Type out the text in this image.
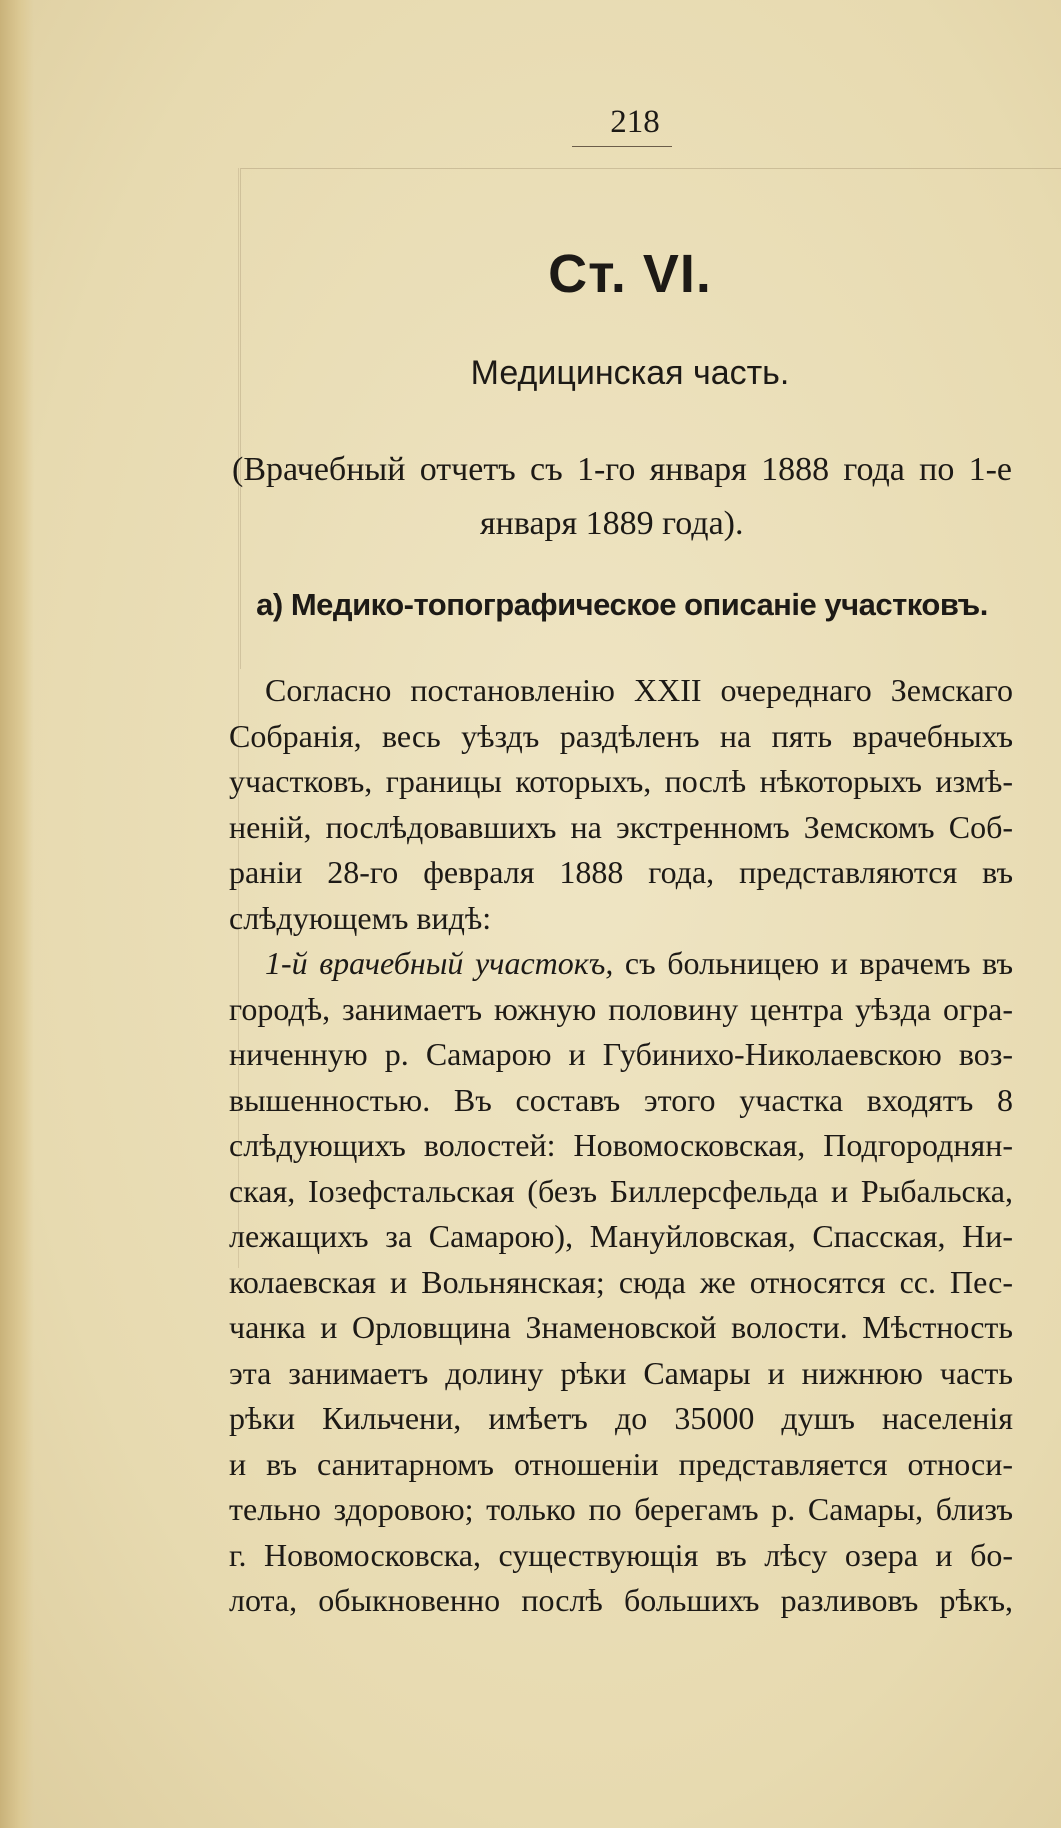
218
Ст. VI.
Медицинская часть.
(Врачебный отчетъ съ 1-го января 1888 года по 1-е
января 1889 года).
а) Медико-топографическое описаніе участковъ.
Согласно постановленію XXII очереднаго Земскаго
Собранія, весь уѣздъ раздѣленъ на пять врачебныхъ
участковъ, границы которыхъ, послѣ нѣкоторыхъ измѣ-
неній, послѣдовавшихъ на экстренномъ Земскомъ Соб-
раніи 28-го февраля 1888 года, представляются въ
слѣдующемъ видѣ:
1-й врачебный участокъ, съ больницею и врачемъ въ
городѣ, занимаетъ южную половину центра уѣзда огра-
ниченную р. Самарою и Губинихо-Николаевскою воз-
вышенностью. Въ составъ этого участка входятъ 8
слѣдующихъ волостей: Новомосковская, Подгороднян-
ская, Іозефстальская (безъ Биллерсфельда и Рыбальска,
лежащихъ за Самарою), Мануйловская, Спасская, Ни-
колаевская и Вольнянская; сюда же относятся сс. Пес-
чанка и Орловщина Знаменовской волости. Мѣстность
эта занимаетъ долину рѣки Самары и нижнюю часть
рѣки Кильчени, имѣетъ до 35000 душъ населенія
и въ санитарномъ отношеніи представляется относи-
тельно здоровою; только по берегамъ р. Самары, близъ
г. Новомосковска, существующія въ лѣсу озера и бо-
лота, обыкновенно послѣ большихъ разливовъ рѣкъ,
